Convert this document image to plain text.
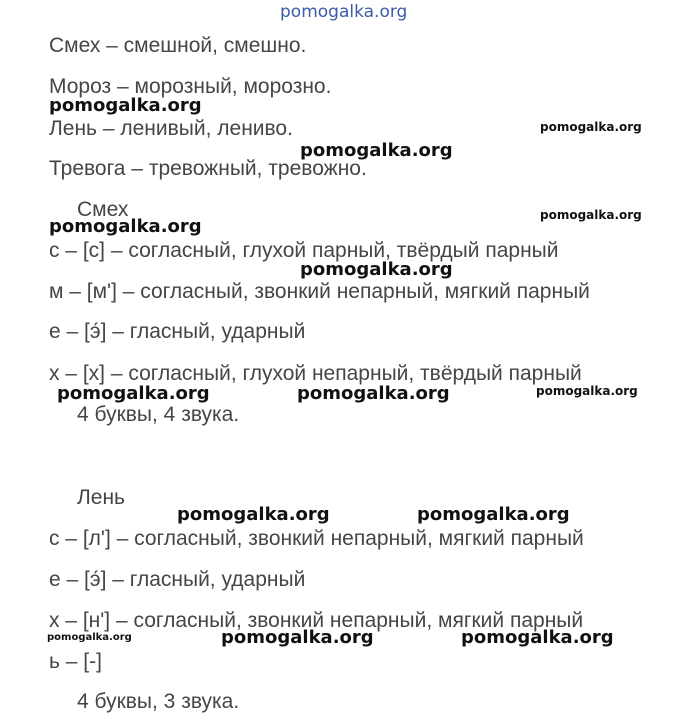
pomogalka.org
Смех – смешной, смешно.
Мороз – морозный, морозно.
Лень – ленивый, лениво.
Тревога – тревожный, тревожно.
Смех
с – [с] – согласный, глухой парный, твёрдый парный
м – [м'] – согласный, звонкий непарный, мягкий парный
е – [э́] – гласный, ударный
х – [х] – согласный, глухой непарный, твёрдый парный
4 буквы, 4 звука.
Лень
с – [л'] – согласный, звонкий непарный, мягкий парный
е – [э́] – гласный, ударный
х – [н'] – согласный, звонкий непарный, мягкий парный
ь – [-]
4 буквы, 3 звука.
pomogalka.org
pomogalka.org
pomogalka.org
pomogalka.org
pomogalka.org
pomogalka.org
pomogalka.org	pomogalka.org	pomogalka.org
pomogalka.org	pomogalka.org
pomogalka.org	pomogalka.org	pomogalka.org
